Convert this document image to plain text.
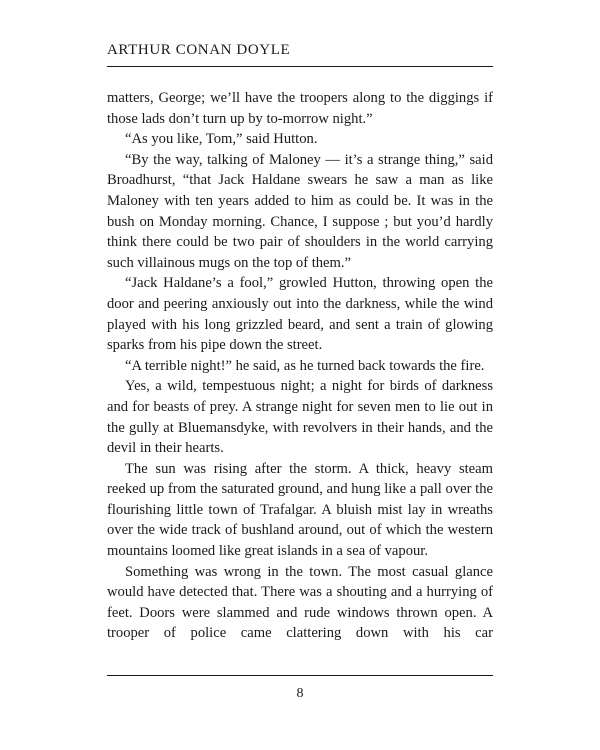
ARTHUR CONAN DOYLE

matters, George; we’ll have the troopers along to the diggings if those lads don’t turn up by to-morrow night.”

“As you like, Tom,” said Hutton.

“By the way, talking of Maloney — it’s a strange thing,” said Broadhurst, “that Jack Haldane swears he saw a man as like Maloney with ten years added to him as could be. It was in the bush on Monday morning. Chance, I suppose ; but you’d hardly think there could be two pair of shoulders in the world carrying such villainous mugs on the top of them.”

“Jack Haldane’s a fool,” growled Hutton, throwing open the door and peering anxiously out into the darkness, while the wind played with his long grizzled beard, and sent a train of glowing sparks from his pipe down the street.

“A terrible night!” he said, as he turned back towards the fire.

Yes, a wild, tempestuous night; a night for birds of darkness and for beasts of prey. A strange night for seven men to lie out in the gully at Bluemansdyke, with revolvers in their hands, and the devil in their hearts.

The sun was rising after the storm. A thick, heavy steam reeked up from the saturated ground, and hung like a pall over the flourishing little town of Trafalgar. A bluish mist lay in wreaths over the wide track of bushland around, out of which the western mountains loomed like great islands in a sea of vapour.

Something was wrong in the town. The most casual glance would have detected that. There was a shouting and a hurrying of feet. Doors were slammed and rude windows thrown open. A trooper of police came clattering down with his car

8
